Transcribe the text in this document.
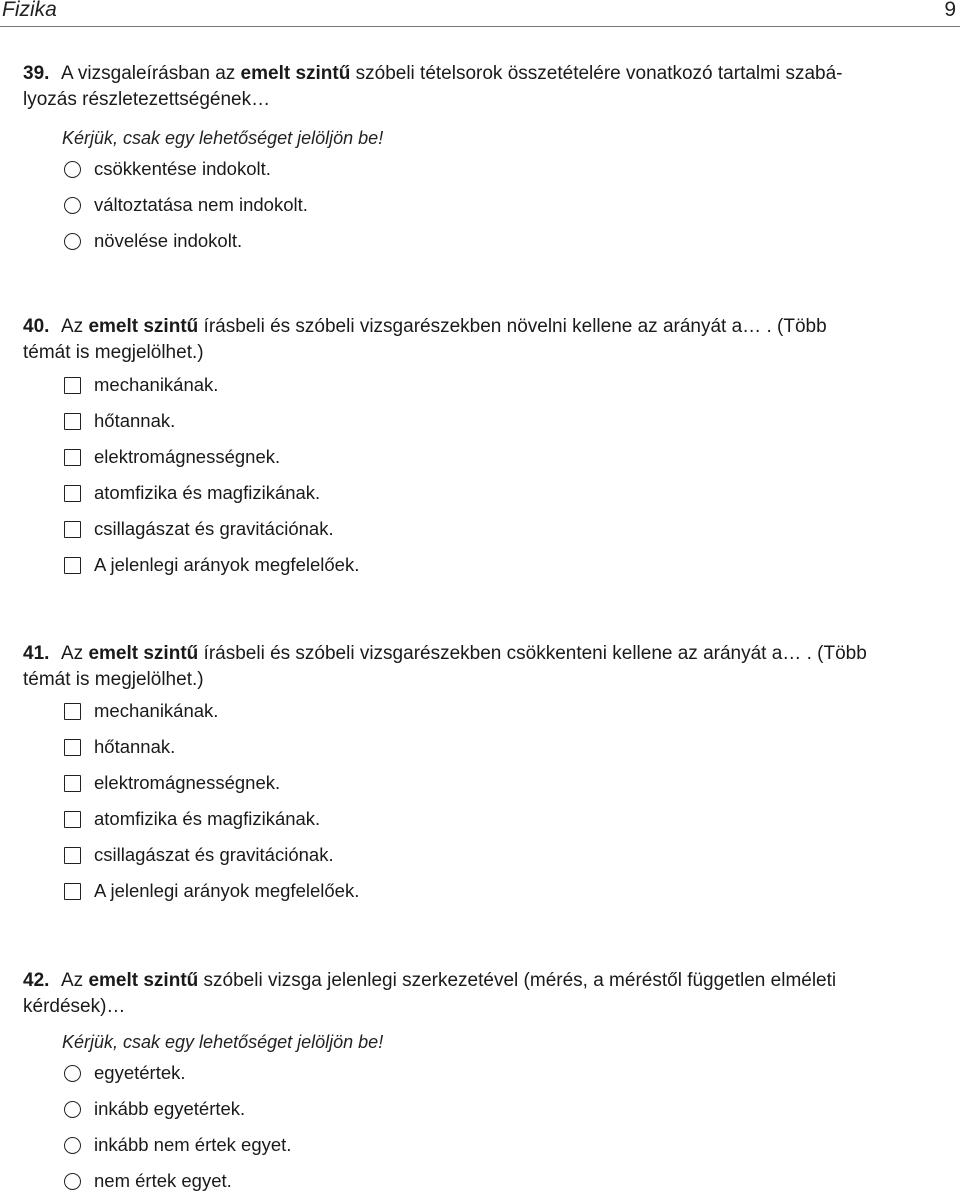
Fizika	9
39. A vizsgaleírásban az emelt szintű szóbeli tételsorok összetételére vonatkozó tartalmi szabá-
lyozás részletezettségének…
Kérjük, csak egy lehetőséget jelöljön be!
csökkentése indokolt.
változtatása nem indokolt.
növelése indokolt.
40. Az emelt szintű írásbeli és szóbeli vizsgarészekben növelni kellene az arányát a… . (Több
témát is megjelölhet.)
mechanikának.
hőtannak.
elektromágnességnek.
atomfizika és magfizikának.
csillagászat és gravitációnak.
A jelenlegi arányok megfelelőek.
41. Az emelt szintű írásbeli és szóbeli vizsgarészekben csökkenteni kellene az arányát a… . (Több
témát is megjelölhet.)
mechanikának.
hőtannak.
elektromágnességnek.
atomfizika és magfizikának.
csillagászat és gravitációnak.
A jelenlegi arányok megfelelőek.
42. Az emelt szintű szóbeli vizsga jelenlegi szerkezetével (mérés, a méréstől független elméleti
kérdések)…
Kérjük, csak egy lehetőséget jelöljön be!
egyetértek.
inkább egyetértek.
inkább nem értek egyet.
nem értek egyet.
